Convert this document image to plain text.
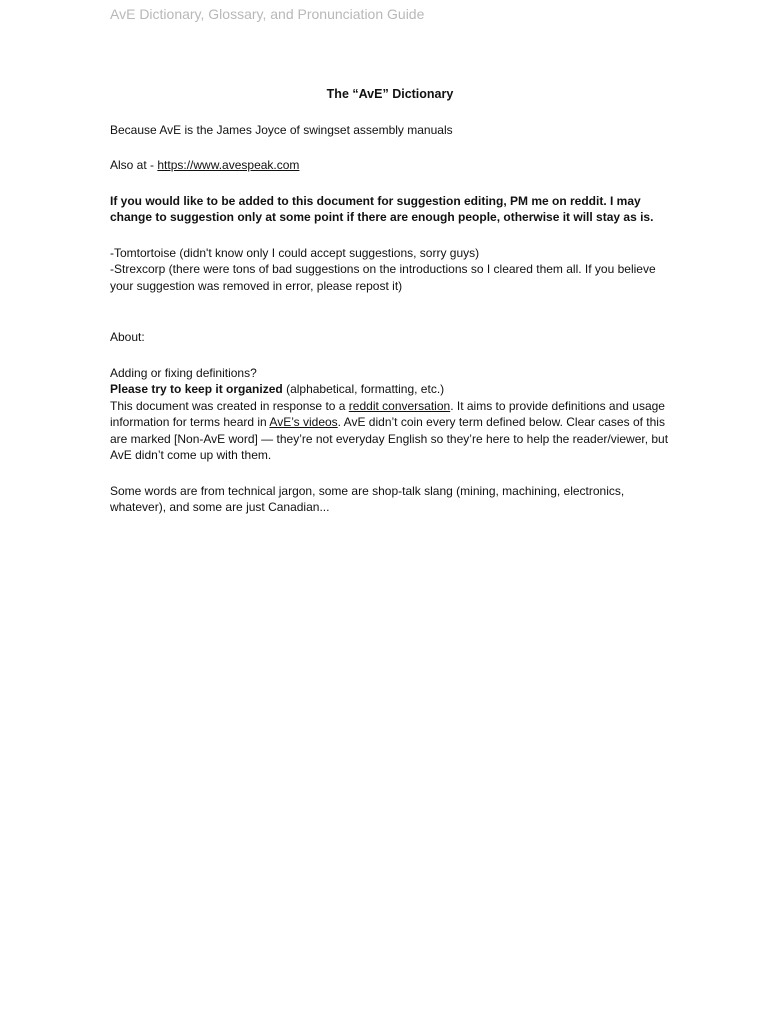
AvE Dictionary, Glossary, and Pronunciation Guide
The “AvE” Dictionary
Because AvE is the James Joyce of swingset assembly manuals
Also at - https://www.avespeak.com
If you would like to be added to this document for suggestion editing, PM me on reddit. I may change to suggestion only at some point if there are enough people, otherwise it will stay as is.
-Tomtortoise (didn't know only I could accept suggestions, sorry guys)
-Strexcorp (there were tons of bad suggestions on the introductions so I cleared them all. If you believe your suggestion was removed in error, please repost it)
About:
Adding or fixing definitions?
Please try to keep it organized (alphabetical, formatting, etc.)
This document was created in response to a reddit conversation. It aims to provide definitions and usage information for terms heard in AvE’s videos. AvE didn’t coin every term defined below. Clear cases of this are marked [Non-AvE word] — they’re not everyday English so they’re here to help the reader/viewer, but AvE didn’t come up with them.
Some words are from technical jargon, some are shop-talk slang (mining, machining, electronics, whatever), and some are just Canadian...
